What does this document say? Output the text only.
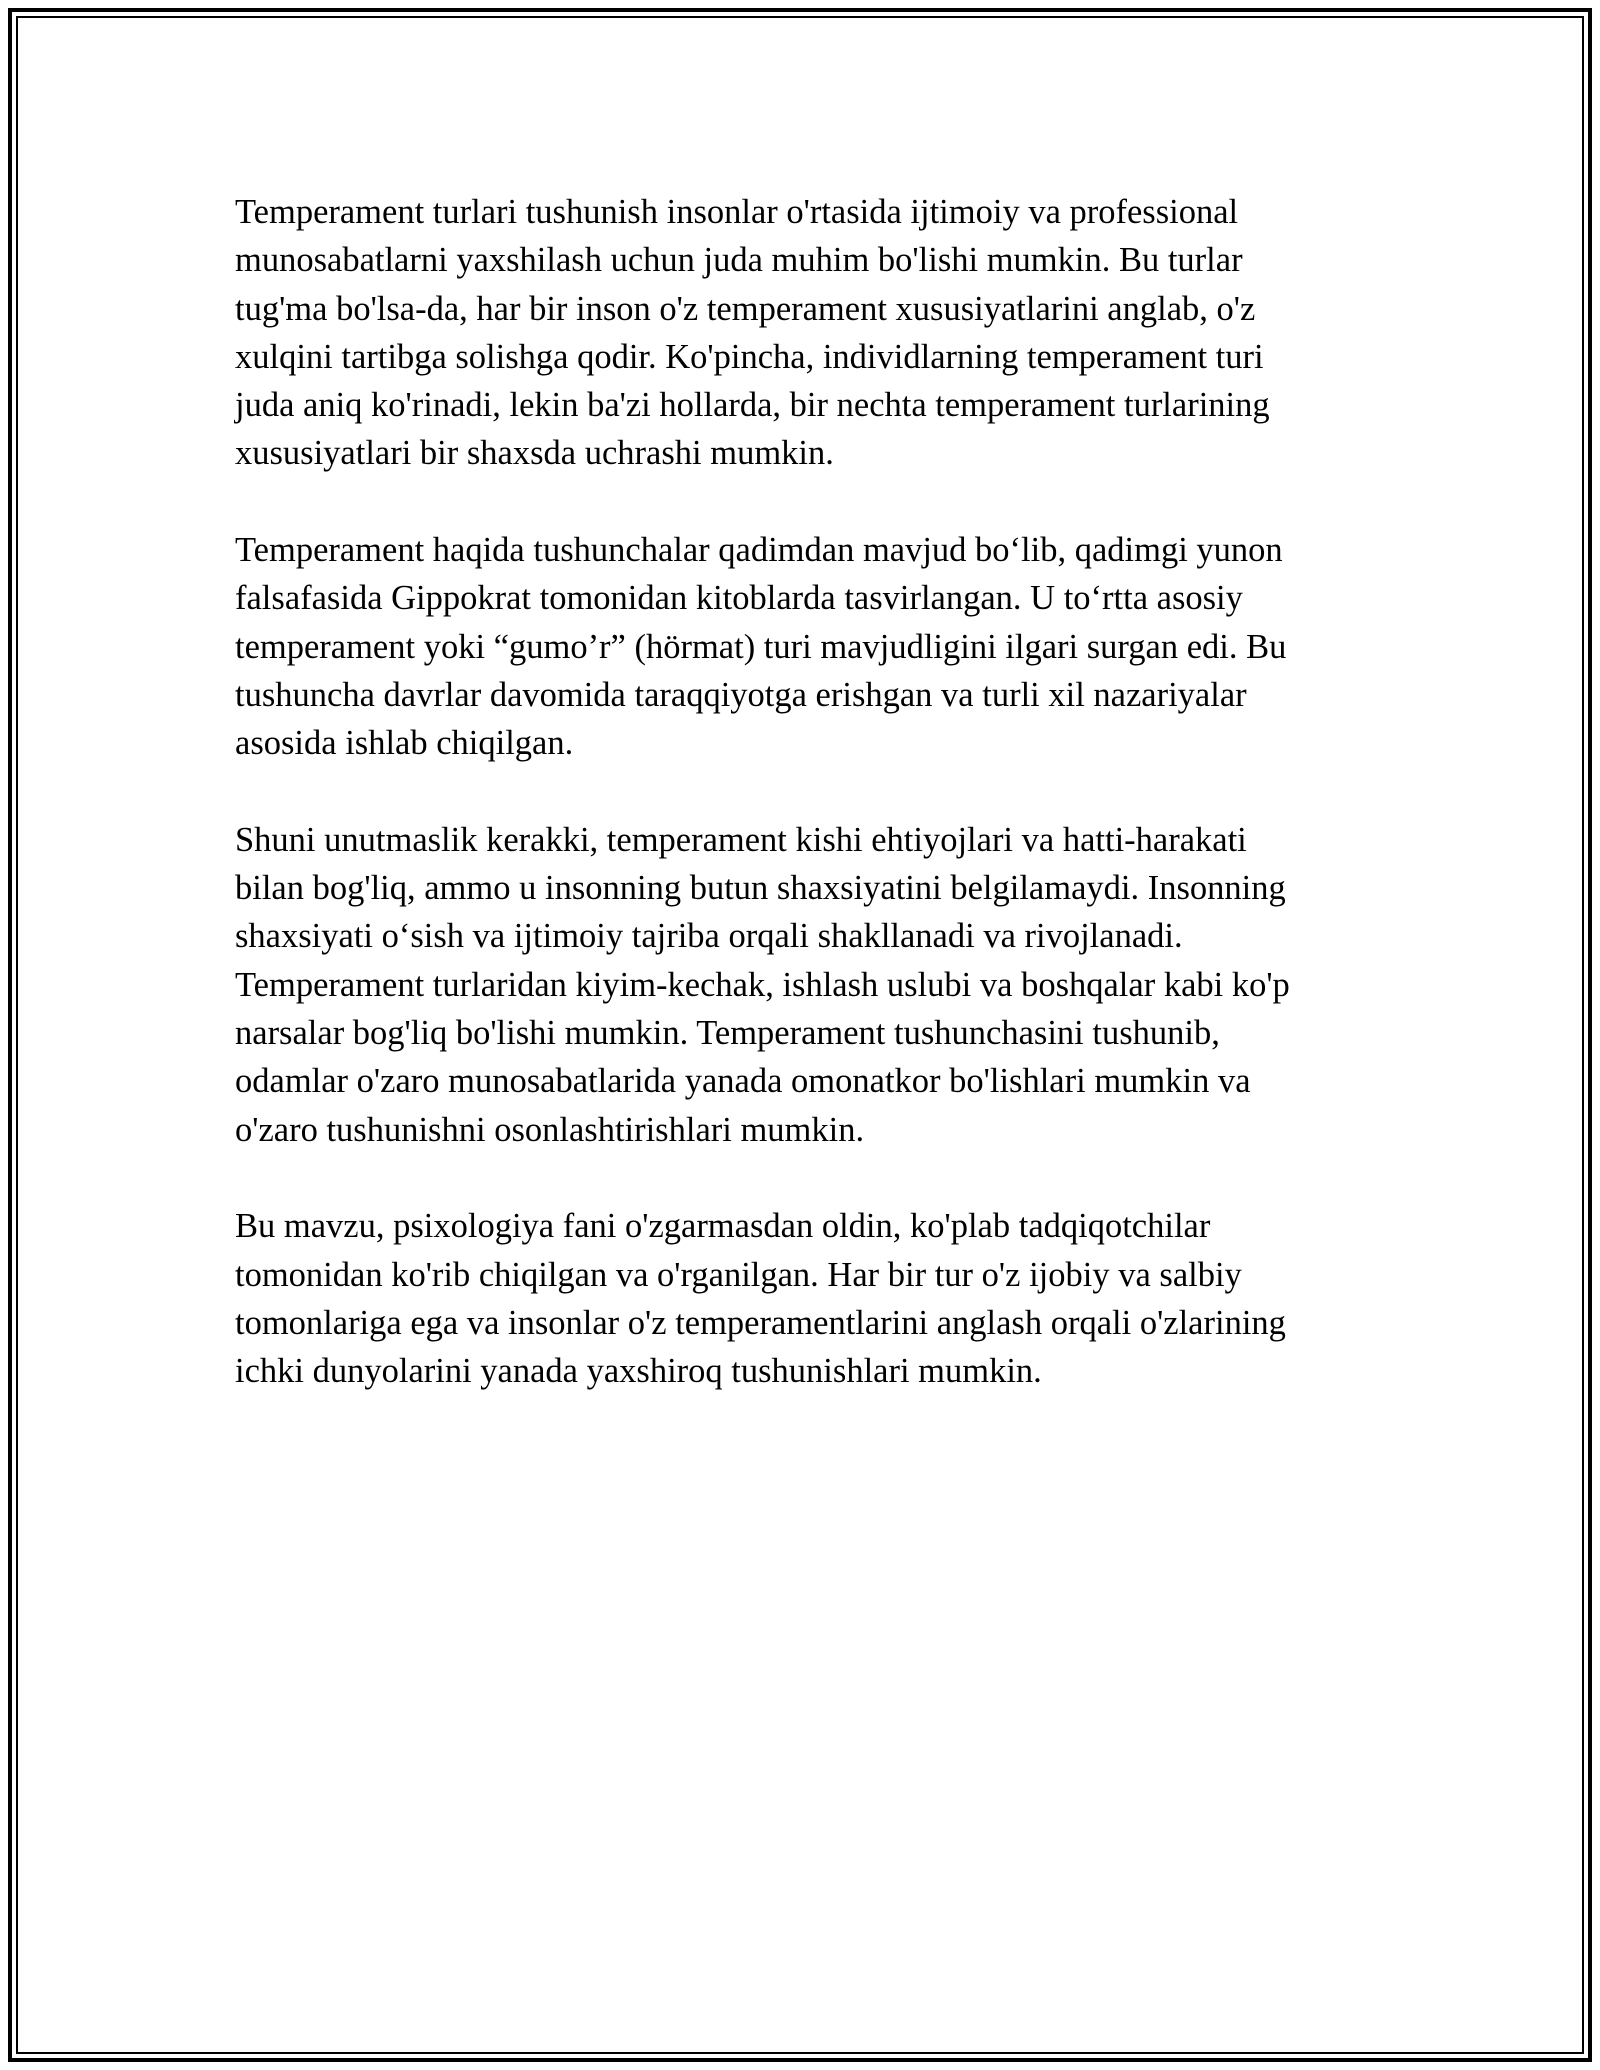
Temperament turlari tushunish insonlar o'rtasida ijtimoiy va professional
munosabatlarni yaxshilash uchun juda muhim bo'lishi mumkin. Bu turlar
tug'ma bo'lsa-da, har bir inson o'z temperament xususiyatlarini anglab, o'z
xulqini tartibga solishga qodir. Ko'pincha, individlarning temperament turi
juda aniq ko'rinadi, lekin ba'zi hollarda, bir nechta temperament turlarining
xususiyatlari bir shaxsda uchrashi mumkin.

Temperament haqida tushunchalar qadimdan mavjud bo‘lib, qadimgi yunon
falsafasida Gippokrat tomonidan kitoblarda tasvirlangan. U to‘rtta asosiy
temperament yoki “gumo’r” (hörmat) turi mavjudligini ilgari surgan edi. Bu
tushuncha davrlar davomida taraqqiyotga erishgan va turli xil nazariyalar
asosida ishlab chiqilgan.

Shuni unutmaslik kerakki, temperament kishi ehtiyojlari va hatti-harakati
bilan bog'liq, ammo u insonning butun shaxsiyatini belgilamaydi. Insonning
shaxsiyati o‘sish va ijtimoiy tajriba orqali shakllanadi va rivojlanadi.
Temperament turlaridan kiyim-kechak, ishlash uslubi va boshqalar kabi ko'p
narsalar bog'liq bo'lishi mumkin. Temperament tushunchasini tushunib,
odamlar o'zaro munosabatlarida yanada omonatkor bo'lishlari mumkin va
o'zaro tushunishni osonlashtirishlari mumkin.

Bu mavzu, psixologiya fani o'zgarmasdan oldin, ko'plab tadqiqotchilar
tomonidan ko'rib chiqilgan va o'rganilgan. Har bir tur o'z ijobiy va salbiy
tomonlariga ega va insonlar o'z temperamentlarini anglash orqali o'zlarining
ichki dunyolarini yanada yaxshiroq tushunishlari mumkin.
